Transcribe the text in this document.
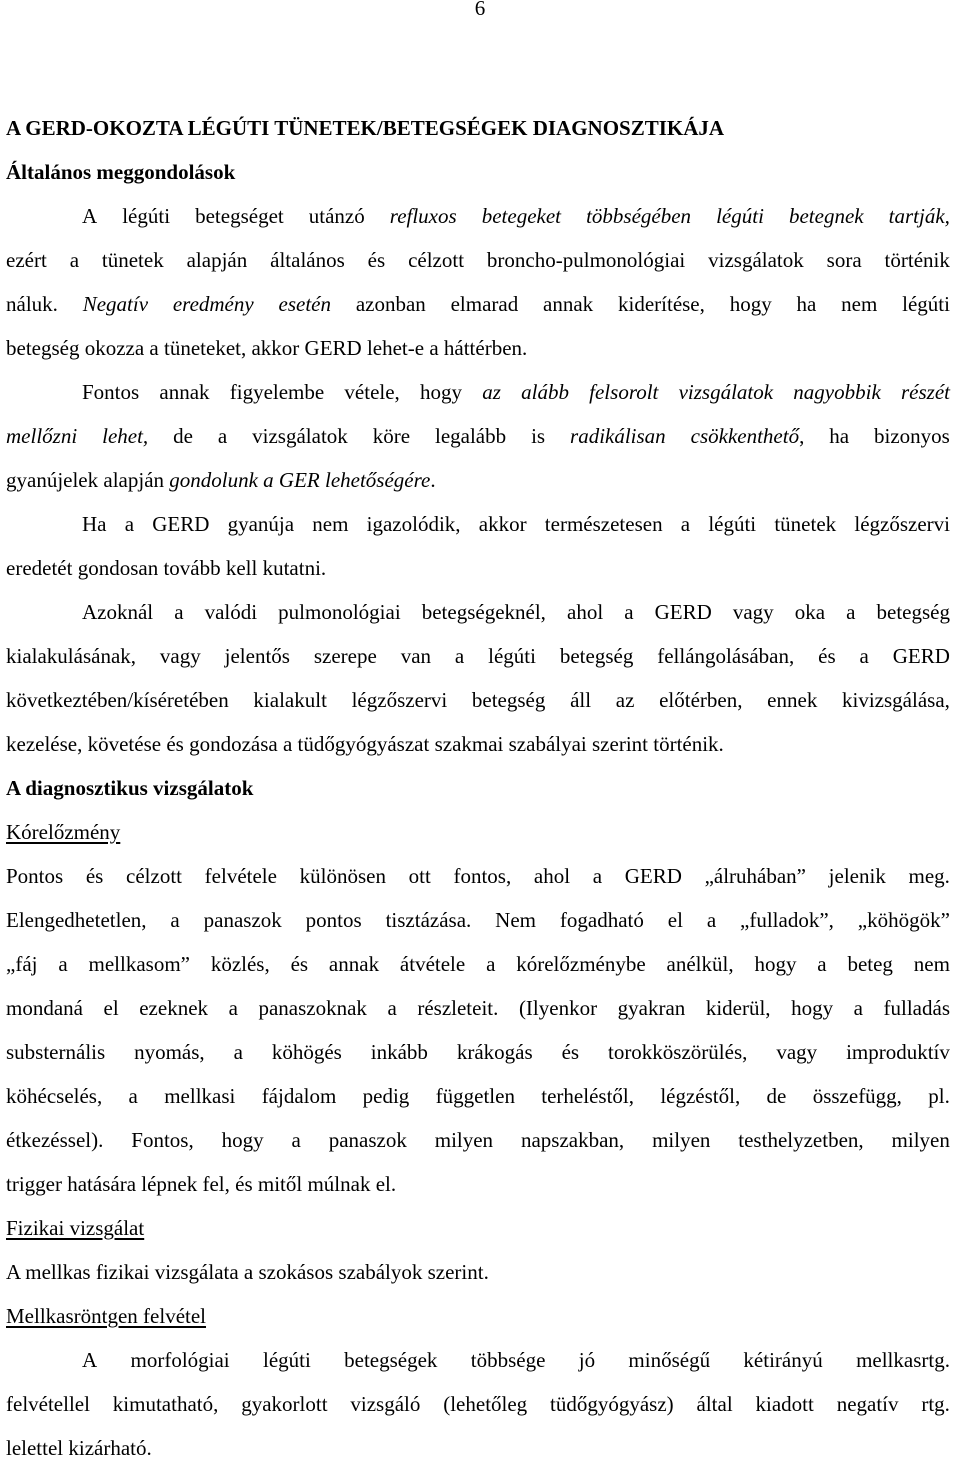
6
A GERD-OKOZTA LÉGÚTI TÜNETEK/BETEGSÉGEK DIAGNOSZTIKÁJA
Általános meggondolások
A légúti betegséget utánzó refluxos betegeket többségében légúti betegnek tartják,
ezért a tünetek alapján általános és célzott broncho-pulmonológiai vizsgálatok sora történik
náluk. Negatív eredmény esetén azonban elmarad annak kiderítése, hogy ha nem légúti
betegség okozza a tüneteket, akkor GERD lehet-e a háttérben.
Fontos annak figyelembe vétele, hogy az alább felsorolt vizsgálatok nagyobbik részét
mellőzni lehet, de a vizsgálatok köre legalább is radikálisan csökkenthető, ha bizonyos
gyanújelek alapján gondolunk a GER lehetőségére .
Ha a GERD gyanúja nem igazolódik, akkor természetesen a légúti tünetek légzőszervi
eredetét gondosan tovább kell kutatni.
Azoknál a valódi pulmonológiai betegségeknél, ahol a GERD vagy oka a betegség
kialakulásának, vagy jelentős szerepe van a légúti betegség fellángolásában, és a GERD
következtében/kíséretében kialakult légzőszervi betegség áll az előtérben, ennek kivizsgálása,
kezelése, követése és gondozása a tüdőgyógyászat szakmai szabályai szerint történik.
A diagnosztikus vizsgálatok
Kórelőzmény
Pontos és célzott felvétele különösen ott fontos, ahol a GERD „álruhában” jelenik meg.
Elengedhetetlen, a panaszok pontos tisztázása. Nem fogadható el a „fulladok”, „köhögök”
„fáj a mellkasom” közlés, és annak átvétele a kórelőzménybe anélkül, hogy a beteg nem
mondaná el ezeknek a panaszoknak a részleteit. (Ilyenkor gyakran kiderül, hogy a fulladás
substernális nyomás, a köhögés inkább krákogás és torokköszörülés, vagy improduktív
köhécselés, a mellkasi fájdalom pedig független terheléstől, légzéstől, de összefügg, pl.
étkezéssel). Fontos, hogy a panaszok milyen napszakban, milyen testhelyzetben, milyen
trigger hatására lépnek fel, és mitől múlnak el.
Fizikai vizsgálat
A mellkas fizikai vizsgálata a szokásos szabályok szerint.
Mellkasröntgen felvétel
A morfológiai légúti betegségek többsége jó minőségű kétirányú mellkasrtg.
felvétellel kimutatható, gyakorlott vizsgáló (lehetőleg tüdőgyógyász) által kiadott negatív rtg.
lelettel kizárható.
